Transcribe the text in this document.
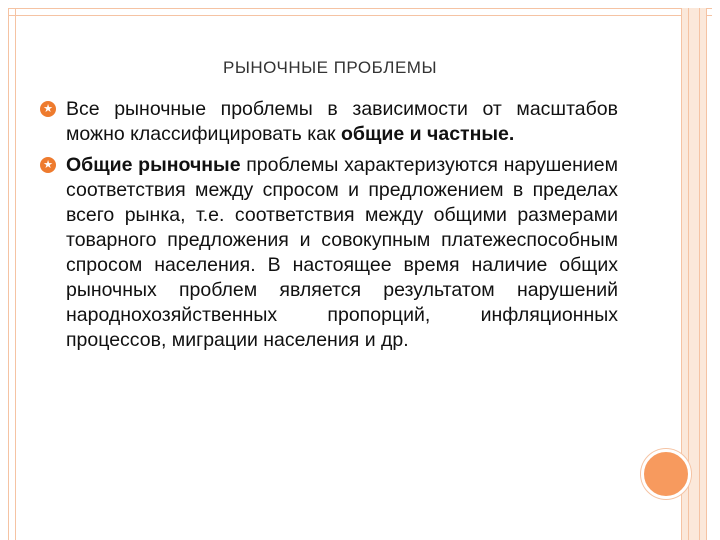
РЫНОЧНЫЕ ПРОБЛЕМЫ
★ Все рыночные проблемы в зависимости от масштабов можно классифицировать как общие и частные.
★ Общие рыночные проблемы характеризуются нарушением соответствия между спросом и предложением в пределах всего рынка, т.е. соответствия между общими размерами товарного предложения и совокупным платежеспособным спросом населения. В настоящее время наличие общих рыночных проблем является результатом нарушений народнохозяйственных пропорций, инфляционных процессов, миграции населения и др.
